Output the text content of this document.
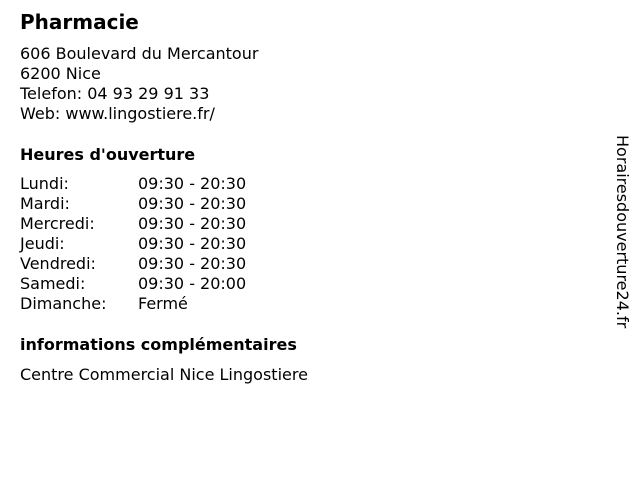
Pharmacie
606 Boulevard du Mercantour
6200 Nice
Telefon: 04 93 29 91 33
Web: www.lingostiere.fr/
Heures d'ouverture
Lundi:	09:30 - 20:30
Mardi:	09:30 - 20:30
Mercredi:	09:30 - 20:30
Jeudi:	09:30 - 20:30
Vendredi:	09:30 - 20:30
Samedi:	09:30 - 20:00
Dimanche:	Fermé
informations complémentaires
Centre Commercial Nice Lingostiere
Horairesdouverture24.fr
